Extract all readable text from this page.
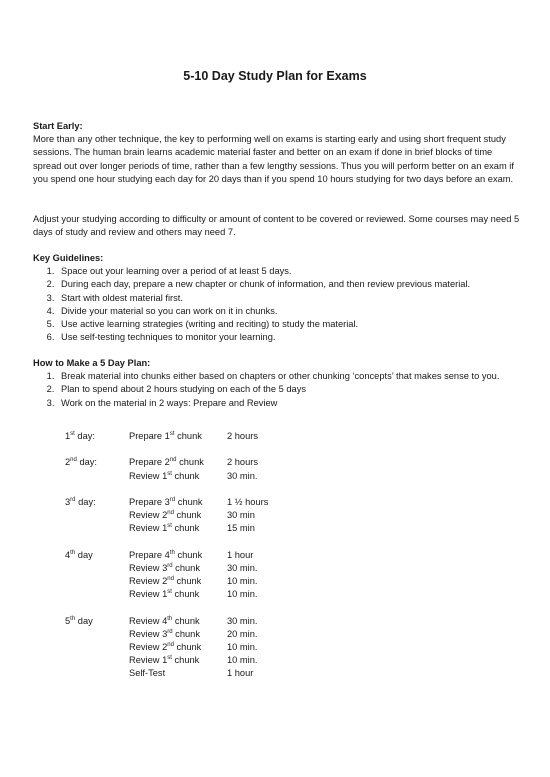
5-10 Day Study Plan for Exams

Start Early:

More than any other technique, the key to performing well on exams is starting early and using short frequent study sessions. The human brain learns academic material faster and better on an exam if done in brief blocks of time spread out over longer periods of time, rather than a few lengthy sessions. Thus you will perform better on an exam if you spend one hour studying each day for 20 days than if you spend 10 hours studying for two days before an exam.

Adjust your studying according to difficulty or amount of content to be covered or reviewed. Some courses may need 5 days of study and review and others may need 7.

Key Guidelines:

1. Space out your learning over a period of at least 5 days.
2. During each day, prepare a new chapter or chunk of information, and then review previous material.
3. Start with oldest material first.
4. Divide your material so you can work on it in chunks.
5. Use active learning strategies (writing and reciting) to study the material.
6. Use self-testing techniques to monitor your learning.

How to Make a 5 Day Plan:

1. Break material into chunks either based on chapters or other chunking ‘concepts’ that makes sense to you.
2. Plan to spend about 2 hours studying on each of the 5 days
3. Work on the material in 2 ways: Prepare and Review
1st day:	Prepare 1st chunk	2 hours
2nd day:	Prepare 2nd chunk	2 hours
Review 1st chunk	30 min.
3rd day:	Prepare 3rd chunk	1 ½ hours
Review 2nd chunk	30 min
Review 1st chunk	15 min
4th day	Prepare 4th chunk	1 hour
Review 3rd chunk	30 min.
Review 2nd chunk	10 min.
Review 1st chunk	10 min.
5th day	Review 4th chunk	30 min.
Review 3rd chunk	20 min.
Review 2nd chunk	10 min.
Review 1st chunk	10 min.
Self-Test	1 hour
